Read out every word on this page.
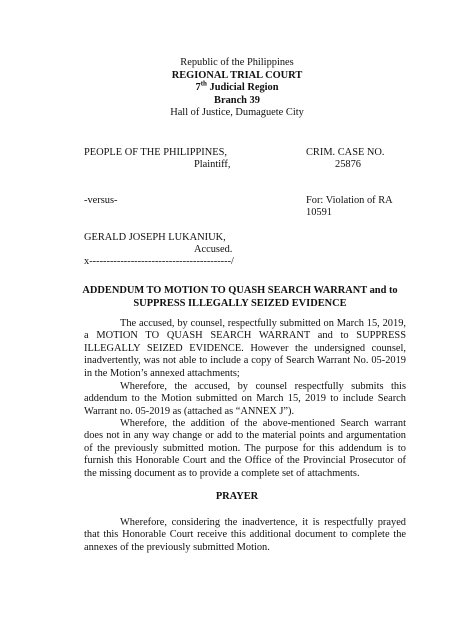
Republic of the Philippines
REGIONAL TRIAL COURT
7th Judicial Region
Branch 39
Hall of Justice, Dumaguete City
PEOPLE OF THE PHILIPPINES,
Plaintiff,
-versus-
GERALD JOSEPH LUKANIUK,
Accused.
x-----------------------------------------/
CRIM. CASE NO.
25876
For: Violation of RA
10591
ADDENDUM TO MOTION TO QUASH SEARCH WARRANT and to
SUPPRESS ILLEGALLY SEIZED EVIDENCE
The accused, by counsel, respectfully submitted on March 15, 2019, a MOTION TO QUASH SEARCH WARRANT and to SUPPRESS ILLEGALLY SEIZED EVIDENCE. However the undersigned counsel, inadvertently, was not able to include a copy of Search Warrant No. 05-2019 in the Motion’s annexed attachments;
Wherefore, the accused, by counsel respectfully submits this addendum to the Motion submitted on March 15, 2019 to include Search Warrant no. 05-2019 as (attached as “ANNEX J”).
Wherefore, the addition of the above-mentioned Search warrant does not in any way change or add to the material points and argumentation of the previously submitted motion. The purpose for this addendum is to furnish this Honorable Court and the Office of the Provincial Prosecutor of the missing document as to provide a complete set of attachments.
PRAYER
Wherefore, considering the inadvertence, it is respectfully prayed that this Honorable Court receive this additional document to complete the annexes of the previously submitted Motion.
